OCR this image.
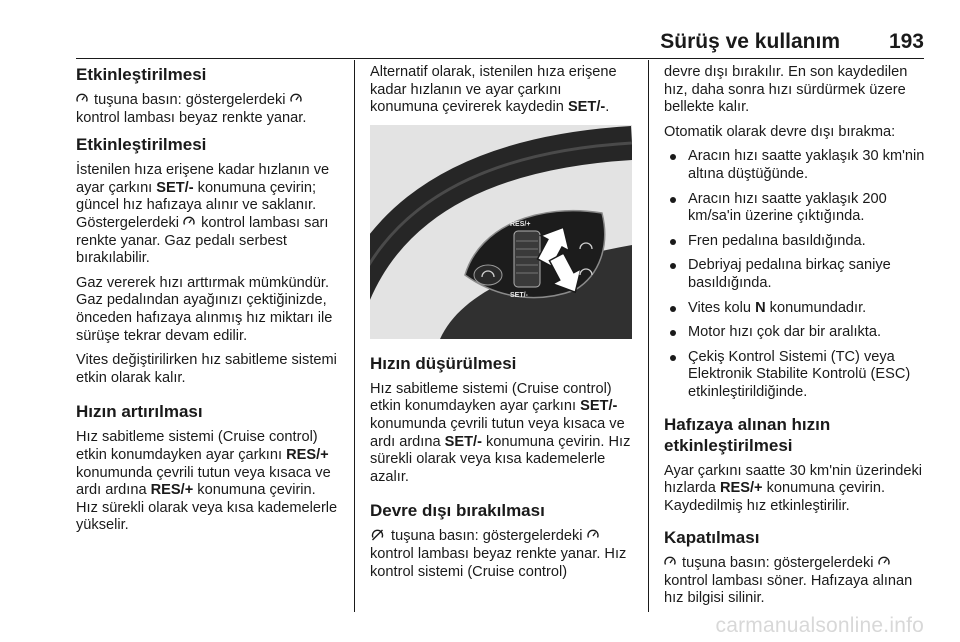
Sürüş ve kullanım 193
Etkinleştirilmesi

tuşuna basın: göstergelerdeki  kontrol lambası beyaz renkte yanar.

Etkinleştirilmesi

İstenilen hıza erişene kadar hızlanın ve ayar çarkını SET/- konumuna çevirin; güncel hız hafızaya alınır ve saklanır. Göstergelerdeki  kontrol lambası sarı renkte yanar. Gaz pedalı serbest bırakılabilir.

Gaz vererek hızı arttırmak mümkündür. Gaz pedalından ayağınızı çektiğinizde, önceden hafızaya alınmış hız miktarı ile sürüşe tekrar devam edilir.

Vites değiştirilirken hız sabitleme sistemi etkin olarak kalır.

Hızın artırılması

Hız sabitleme sistemi (Cruise control) etkin konumdayken ayar çarkını RES/+ konumunda çevrili tutun veya kısaca ve ardı ardına RES/+ konumuna çevirin. Hız sürekli olarak veya kısa kademelerle yükselir.

Alternatif olarak, istenilen hıza erişene kadar hızlanın ve ayar çarkını konumuna çevirerek kaydedin SET/-.

RES/+
SET/-
Hızın düşürülmesi

Hız sabitleme sistemi (Cruise control) etkin konumdayken ayar çarkını SET/- konumunda çevrili tutun veya kısaca ve ardı ardına SET/- konumuna çevirin. Hız sürekli olarak veya kısa kademelerle azalır.

Devre dışı bırakılması

tuşuna basın: göstergelerdeki  kontrol lambası beyaz renkte yanar. Hız kontrol sistemi (Cruise control)

devre dışı bırakılır. En son kaydedilen hız, daha sonra hızı sürdürmek üzere bellekte kalır.

Otomatik olarak devre dışı bırakma:

Aracın hızı saatte yaklaşık 30 km'nin altına düştüğünde.
Aracın hızı saatte yaklaşık 200 km/sa'in üzerine çıktığında.
Fren pedalına basıldığında.
Debriyaj pedalına birkaç saniye basıldığında.
Vites kolu N konumundadır.
Motor hızı çok dar bir aralıkta.
Çekiş Kontrol Sistemi (TC) veya Elektronik Stabilite Kontrolü (ESC) etkinleştirildiğinde.
Hafızaya alınan hızın etkinleştirilmesi

Ayar çarkını saatte 30 km'nin üzerindeki hızlarda RES/+ konumuna çevirin. Kaydedilmiş hız etkinleştirilir.

Kapatılması

tuşuna basın: göstergelerdeki  kontrol lambası söner. Hafızaya alınan hız bilgisi silinir.

carmanualsonline.info
